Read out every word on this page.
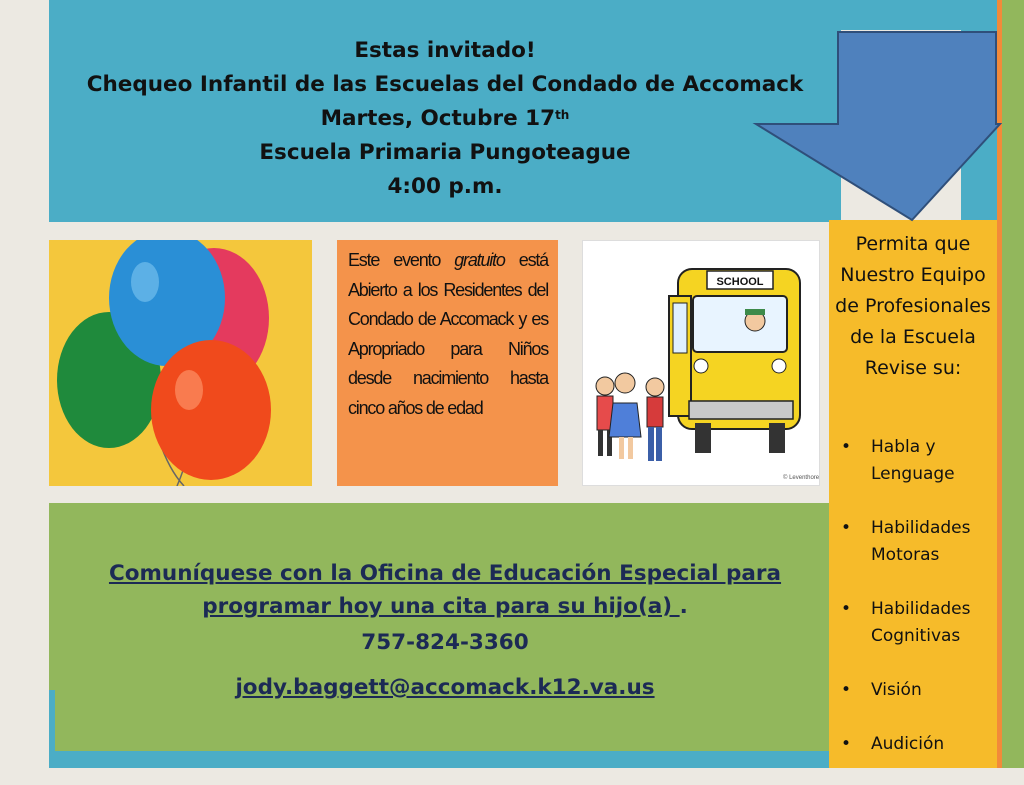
Estas invitado!
Chequeo Infantil de las Escuelas del Condado de Accomack
Martes, Octubre 17th
Escuela Primaria Pungoteague
4:00 p.m.
Este evento gratuito está Abierto a los Residentes del Condado de Accomack y es Apropriado para Niños desde nacimiento hasta cinco años de edad
SCHOOL
© Leventhore
Comuníquese con la Oficina de Educación Especial para programar hoy una cita para su hijo(a) .
757-824-3360
jody.baggett@accomack.k12.va.us
Permita que Nuestro Equipo de Profesionales de la Escuela Revise su:
• Habla y Lenguage
• Habilidades Motoras
• Habilidades Cognitivas
• Visión
• Audición
